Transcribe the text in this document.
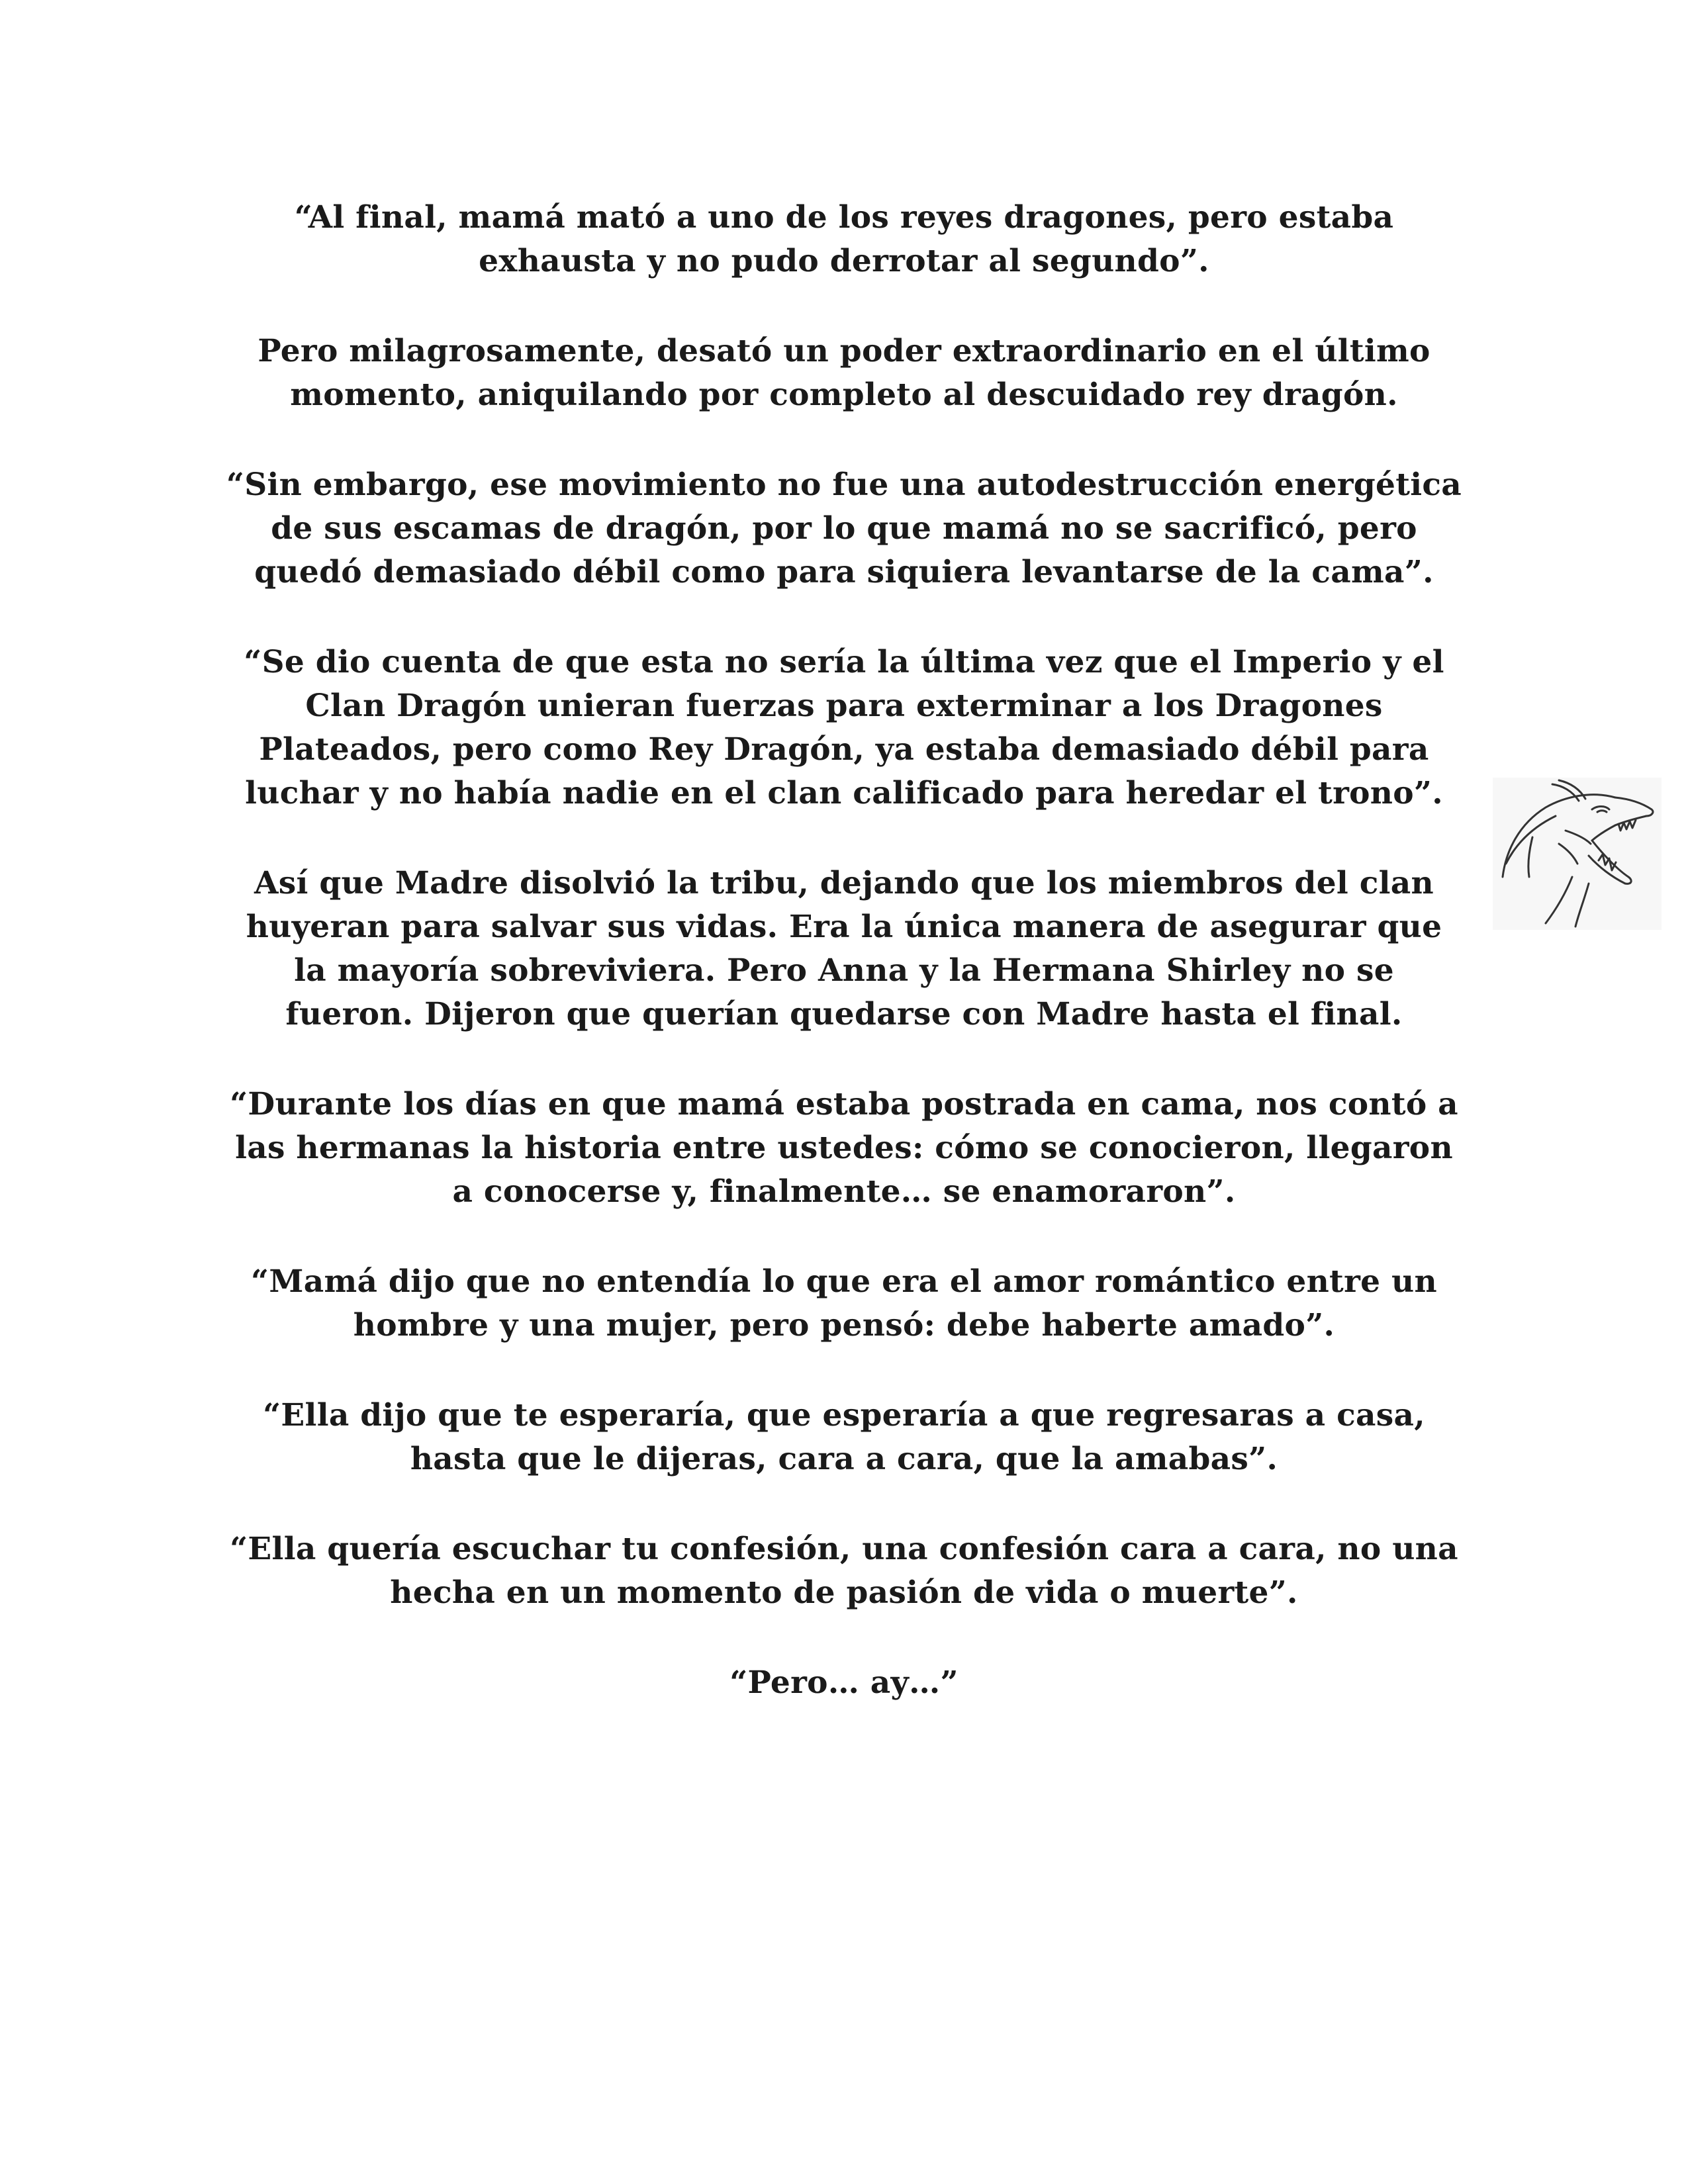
“Al final, mamá mató a uno de los reyes dragones, pero estaba exhausta y no pudo derrotar al segundo”.

Pero milagrosamente, desató un poder extraordinario en el último momento, aniquilando por completo al descuidado rey dragón.

“Sin embargo, ese movimiento no fue una autodestrucción energética de sus escamas de dragón, por lo que mamá no se sacrificó, pero quedó demasiado débil como para siquiera levantarse de la cama”.

“Se dio cuenta de que esta no sería la última vez que el Imperio y el Clan Dragón unieran fuerzas para exterminar a los Dragones Plateados, pero como Rey Dragón, ya estaba demasiado débil para luchar y no había nadie en el clan calificado para heredar el trono”.

Así que Madre disolvió la tribu, dejando que los miembros del clan huyeran para salvar sus vidas. Era la única manera de asegurar que la mayoría sobreviviera. Pero Anna y la Hermana Shirley no se fueron. Dijeron que querían quedarse con Madre hasta el final.

“Durante los días en que mamá estaba postrada en cama, nos contó a las hermanas la historia entre ustedes: cómo se conocieron, llegaron a conocerse y, finalmente… se enamoraron”.

“Mamá dijo que no entendía lo que era el amor romántico entre un hombre y una mujer, pero pensó: debe haberte amado”.

“Ella dijo que te esperaría, que esperaría a que regresaras a casa, hasta que le dijeras, cara a cara, que la amabas”.

“Ella quería escuchar tu confesión, una confesión cara a cara, no una hecha en un momento de pasión de vida o muerte”.

“Pero… ay…”
